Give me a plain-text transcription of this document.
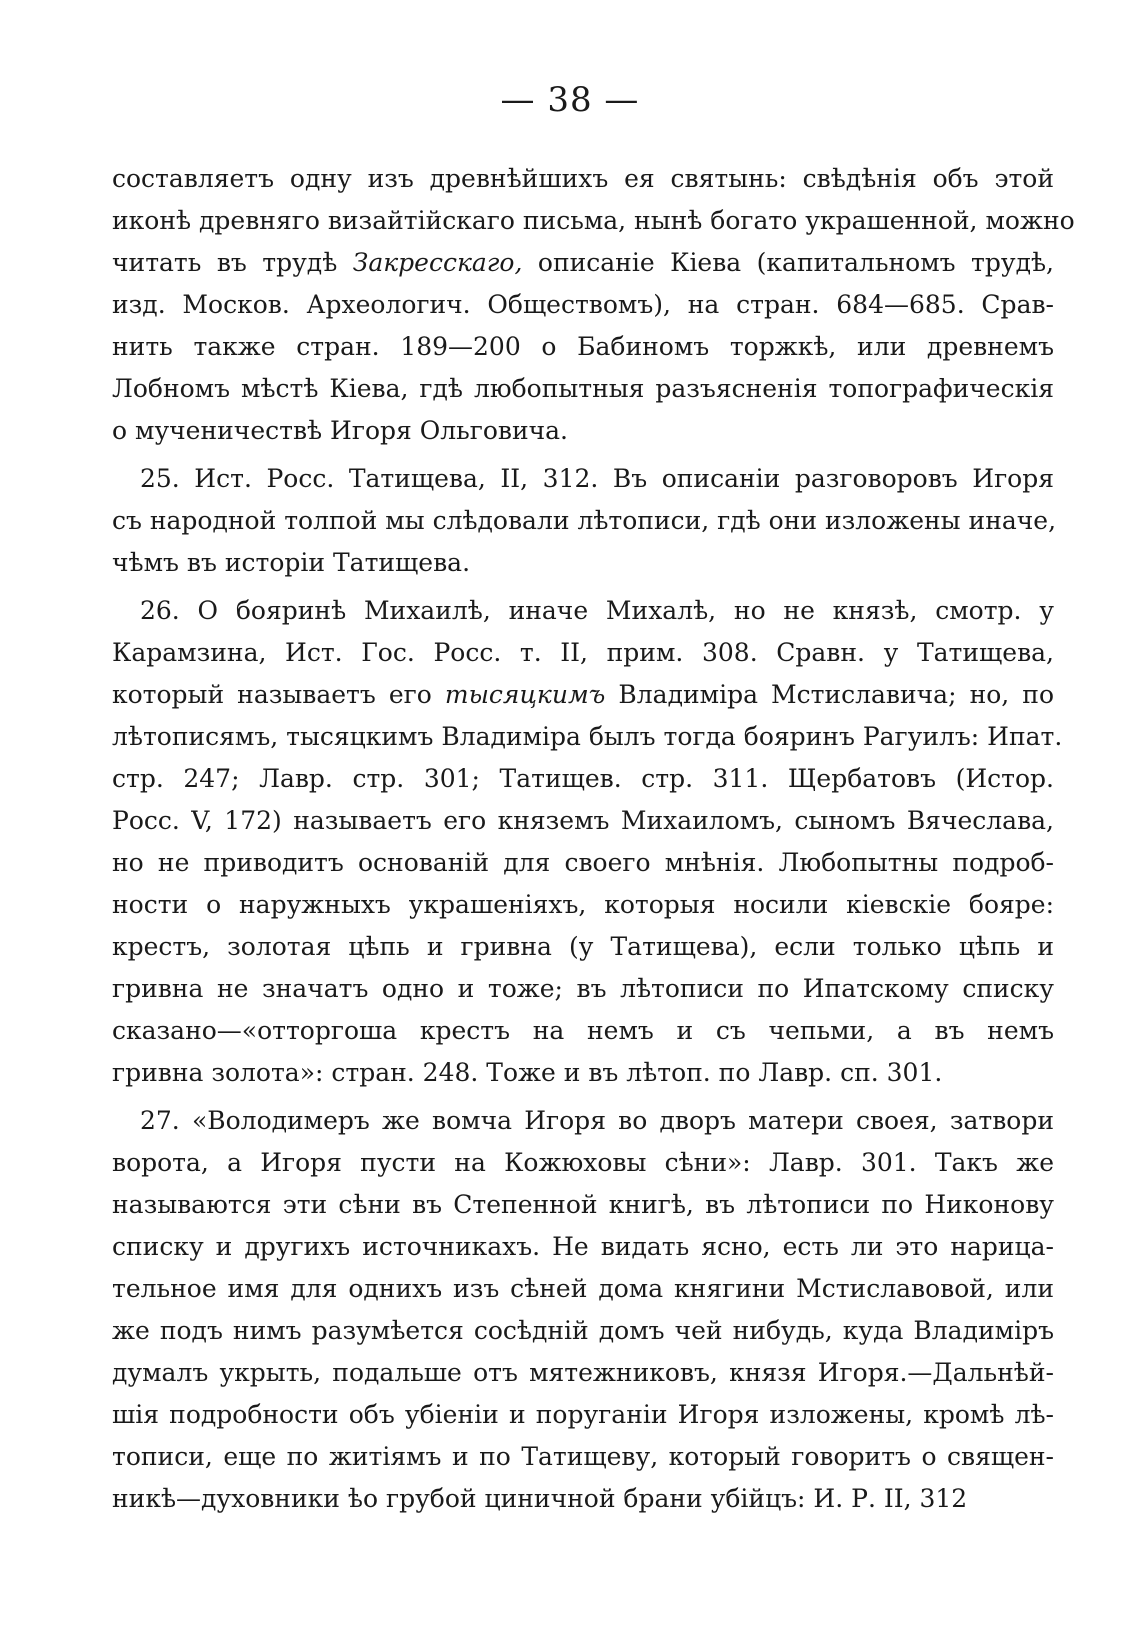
— 38 —
составляетъ одну изъ древнѣйшихъ ея святынь: свѣдѣнія объ этой
иконѣ древняго визайтійскаго письма, нынѣ богато украшенной, можно
читать въ трудѣ Закресскаго, описаніе Кіева (капитальномъ трудѣ,
изд. Москов. Археологич. Обществомъ), на стран. 684—685. Срав-
нить также стран. 189—200 о Бабиномъ торжкѣ, или древнемъ
Лобномъ мѣстѣ Кіева, гдѣ любопытныя разъясненія топографическія
о мученичествѣ Игоря Ольговича.
25. Ист. Росс. Татищева, II, 312. Въ описаніи разговоровъ Игоря
съ народной толпой мы слѣдовали лѣтописи, гдѣ они изложены иначе,
чѣмъ въ исторіи Татищева.
26. О бояринѣ Михаилѣ, иначе Михалѣ, но не князѣ, смотр. у
Карамзина, Ист. Гос. Росс. т. II, прим. 308. Сравн. у Татищева,
который называетъ его тысяцкимъ Владиміра Мстиславича; но, по
лѣтописямъ, тысяцкимъ Владиміра былъ тогда бояринъ Рагуилъ: Ипат.
стр. 247; Лавр. стр. 301; Татищев. стр. 311. Щербатовъ (Истор.
Росс. V, 172) называетъ его княземъ Михаиломъ, сыномъ Вячеслава,
но не приводитъ основаній для своего мнѣнія. Любопытны подроб-
ности о наружныхъ украшеніяхъ, которыя носили кіевскіе бояре:
крестъ, золотая цѣпь и гривна (у Татищева), если только цѣпь и
гривна не значатъ одно и тоже; въ лѣтописи по Ипатскому списку
сказано—«отторгоша крестъ на немъ и съ чепьми, а въ немъ
гривна золота»: стран. 248. Тоже и въ лѣтоп. по Лавр. сп. 301.
27. «Володимеръ же вомча Игоря во дворъ матери своея, затвори
ворота, а Игоря пусти на Кожюховы сѣни»: Лавр. 301. Такъ же
называются эти сѣни въ Степенной книгѣ, въ лѣтописи по Никонову
списку и другихъ источникахъ. Не видать ясно, есть ли это нарица-
тельное имя для однихъ изъ сѣней дома княгини Мстиславовой, или
же подъ нимъ разумѣется сосѣдній домъ чей нибудь, куда Владиміръ
думалъ укрыть, подальше отъ мятежниковъ, князя Игоря.—Дальнѣй-
шія подробности объ убіеніи и поруганіи Игоря изложены, кромѣ лѣ-
тописи, еще по житіямъ и по Татищеву, который говоритъ о священ-
никѣ—духовники ѣо грубой циничной брани убійцъ: И. Р. II, 312
